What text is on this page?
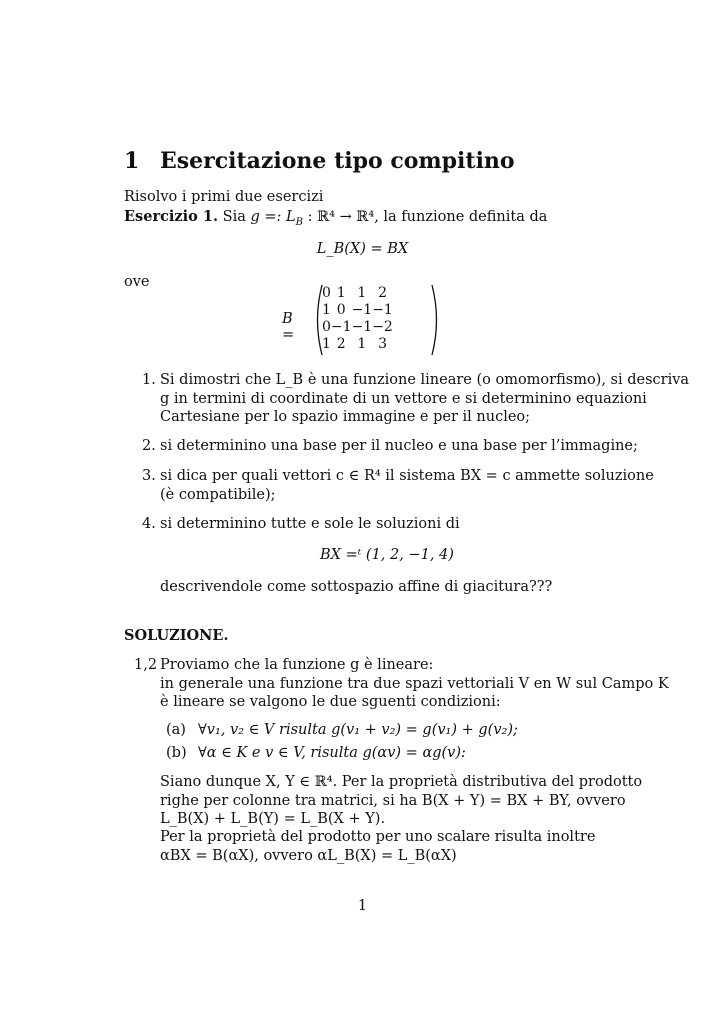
1 Esercitazione tipo compitino
Risolvo i primi due esercizi
Esercizio 1. Sia g =: $L_B$ : ℝ⁴ → ℝ⁴, la funzione definita da
L_B(X) = BX
ove
B =
0	1	1	2
1	0	−1	−1
0	−1	−1	−2
1	2	1	3
1. Si dimostri che L_B è una funzione lineare (o omomorfismo), si descriva
g in termini di coordinate di un vettore e si determinino equazioni
Cartesiane per lo spazio immagine e per il nucleo;
2. si determinino una base per il nucleo e una base per l’immagine;
3. si dica per quali vettori c ∈ R⁴ il sistema BX = c ammette soluzione
(è compatibile);
4. si determinino tutte e sole le soluzioni di
BX =ᵗ (1, 2, −1, 4)
descrivendole come sottospazio affine di giacitura???
SOLUZIONE.
1,2 Proviamo che la funzione g è lineare:
in generale una funzione tra due spazi vettoriali V en W sul Campo K
è lineare se valgono le due sguenti condizioni:
(a) ∀v₁, v₂ ∈ V risulta g(v₁ + v₂) = g(v₁) + g(v₂);
(b) ∀α ∈ K e v ∈ V, risulta g(αv) = αg(v):
Siano dunque X, Y ∈ ℝ⁴. Per la proprietà distributiva del prodotto
righe per colonne tra matrici, si ha B(X + Y) = BX + BY, ovvero
L_B(X) + L_B(Y) = L_B(X + Y).
Per la proprietà del prodotto per uno scalare risulta inoltre
αBX = B(αX), ovvero αL_B(X) = L_B(αX)
1
